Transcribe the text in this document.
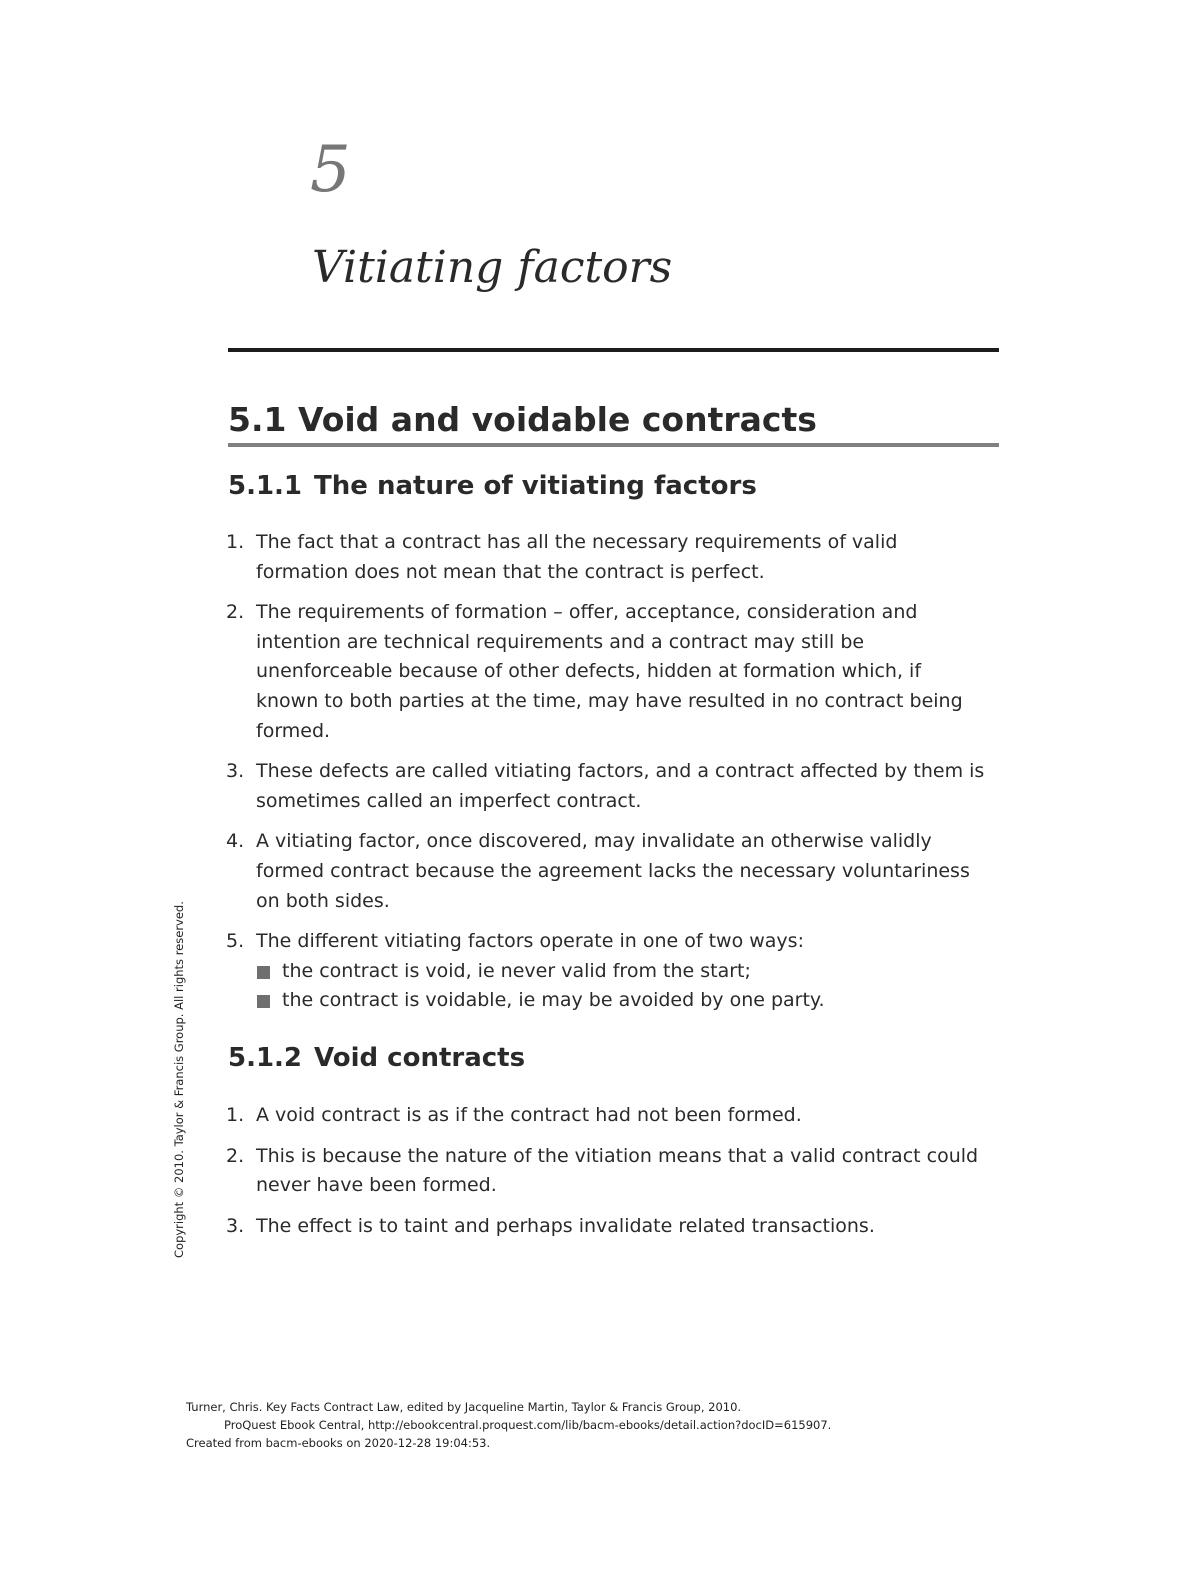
5
Vitiating factors
5.1 Void and voidable contracts
5.1.1 The nature of vitiating factors
1. The fact that a contract has all the necessary requirements of valid formation does not mean that the contract is perfect.
2. The requirements of formation – offer, acceptance, consideration and intention are technical requirements and a contract may still be unenforceable because of other defects, hidden at formation which, if known to both parties at the time, may have resulted in no contract being formed.
3. These defects are called vitiating factors, and a contract affected by them is sometimes called an imperfect contract.
4. A vitiating factor, once discovered, may invalidate an otherwise validly formed contract because the agreement lacks the necessary voluntariness on both sides.
5. The different vitiating factors operate in one of two ways:
the contract is void, ie never valid from the start;
the contract is voidable, ie may be avoided by one party.
5.1.2 Void contracts
1. A void contract is as if the contract had not been formed.
2. This is because the nature of the vitiation means that a valid contract could never have been formed.
3. The effect is to taint and perhaps invalidate related transactions.
Copyright © 2010. Taylor & Francis Group. All rights reserved.
Turner, Chris. Key Facts Contract Law, edited by Jacqueline Martin, Taylor & Francis Group, 2010.
ProQuest Ebook Central, http://ebookcentral.proquest.com/lib/bacm-ebooks/detail.action?docID=615907.
Created from bacm-ebooks on 2020-12-28 19:04:53.
